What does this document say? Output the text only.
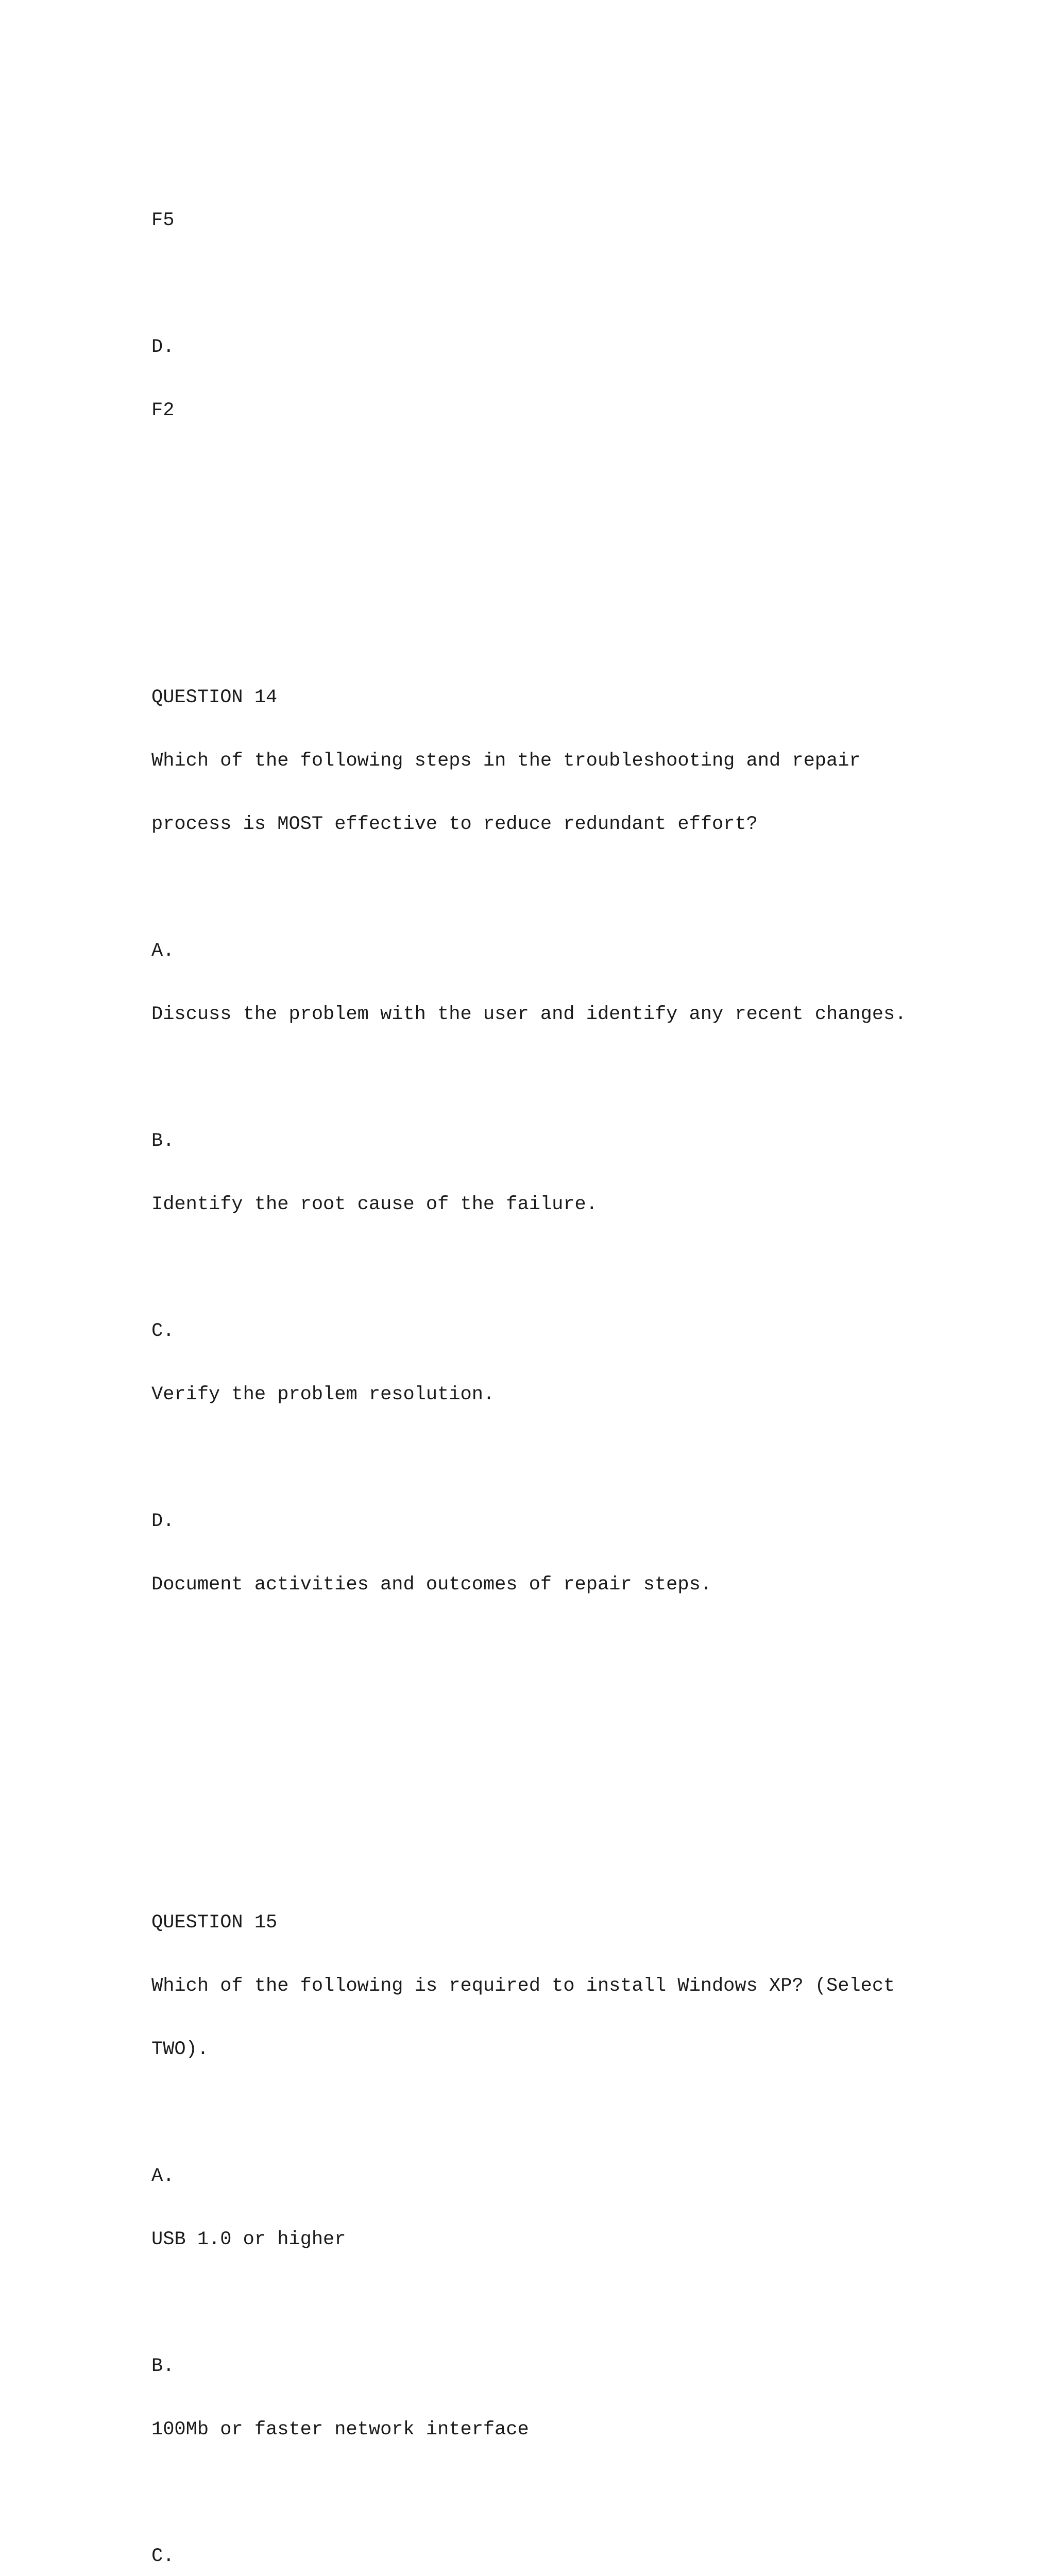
F5

D.

F2

QUESTION 14

Which of the following steps in the troubleshooting and repair

process is MOST effective to reduce redundant effort?

A.

Discuss the problem with the user and identify any recent changes.

B.

Identify the root cause of the failure.

C.

Verify the problem resolution.

D.

Document activities and outcomes of repair steps.

QUESTION 15

Which of the following is required to install Windows XP? (Select

TWO).

A.

USB 1.0 or higher

B.

100Mb or faster network interface

C.
